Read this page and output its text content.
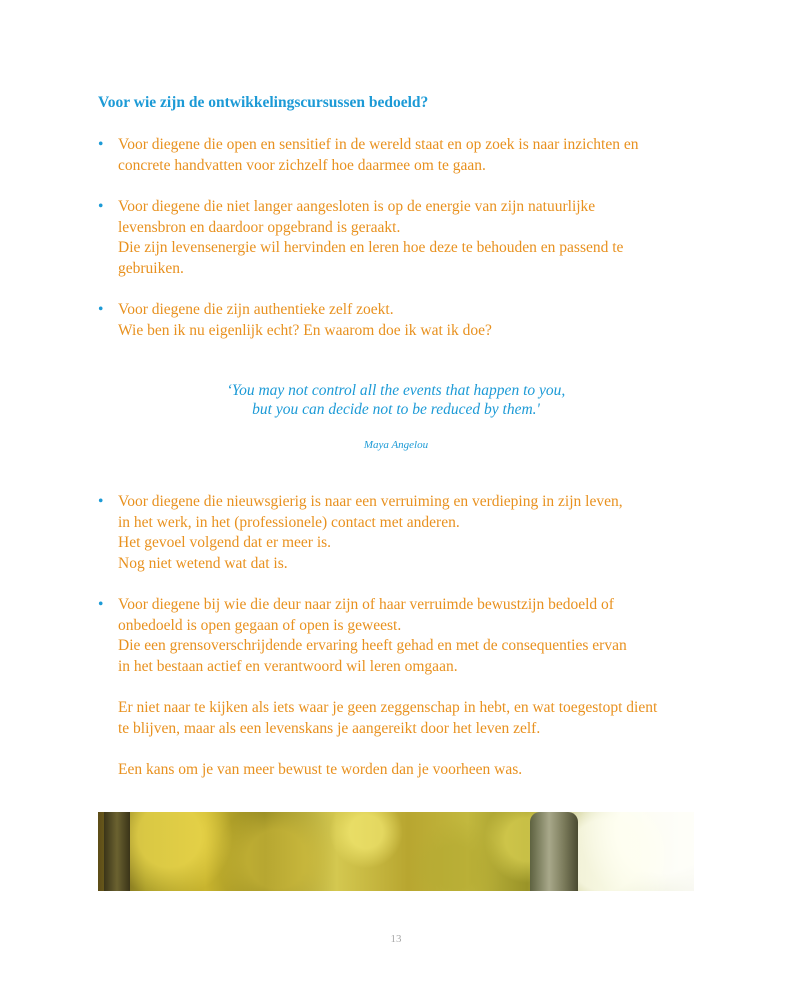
Voor wie zijn de ontwikkelingscursussen bedoeld?
• Voor diegene die open en sensitief in de wereld staat en op zoek is naar inzichten en
concrete handvatten voor zichzelf hoe daarmee om te gaan.
• Voor diegene die niet langer aangesloten is op de energie van zijn natuurlijke
levensbron en daardoor opgebrand is geraakt.
Die zijn levensenergie wil hervinden en leren hoe deze te behouden en passend te
gebruiken.
• Voor diegene die zijn authentieke zelf zoekt.
Wie ben ik nu eigenlijk echt? En waarom doe ik wat ik doe?
‘You may not control all the events that happen to you,
but you can decide not to be reduced by them.'
Maya Angelou
• Voor diegene die nieuwsgierig is naar een verruiming en verdieping in zijn leven,
in het werk, in het (professionele) contact met anderen.
Het gevoel volgend dat er meer is.
Nog niet wetend wat dat is.
• Voor diegene bij wie die deur naar zijn of haar verruimde bewustzijn bedoeld of
onbedoeld is open gegaan of open is geweest.
Die een grensoverschrijdende ervaring heeft gehad en met de consequenties ervan
in het bestaan actief en verantwoord wil leren omgaan.
Er niet naar te kijken als iets waar je geen zeggenschap in hebt, en wat toegestopt dient
te blijven, maar als een levenskans je aangereikt door het leven zelf.
Een kans om je van meer bewust te worden dan je voorheen was.
13
